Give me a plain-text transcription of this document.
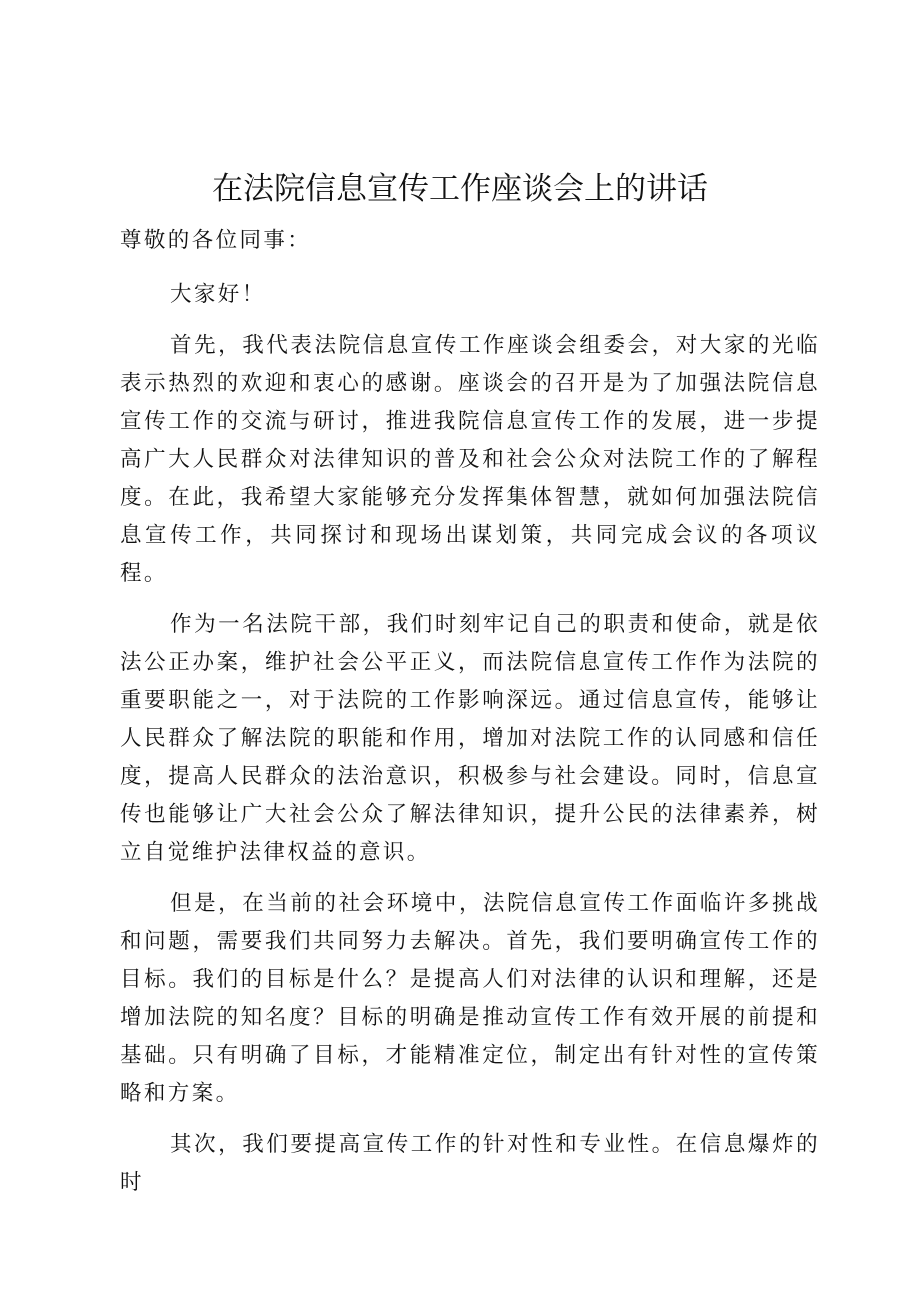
在法院信息宣传工作座谈会上的讲话

尊敬的各位同事：

大家好！

首先，我代表法院信息宣传工作座谈会组委会，对大家的光临表示热烈的欢迎和衷心的感谢。座谈会的召开是为了加强法院信息宣传工作的交流与研讨，推进我院信息宣传工作的发展，进一步提高广大人民群众对法律知识的普及和社会公众对法院工作的了解程度。在此，我希望大家能够充分发挥集体智慧，就如何加强法院信息宣传工作，共同探讨和现场出谋划策，共同完成会议的各项议程。

作为一名法院干部，我们时刻牢记自己的职责和使命，就是依法公正办案，维护社会公平正义，而法院信息宣传工作作为法院的重要职能之一，对于法院的工作影响深远。通过信息宣传，能够让人民群众了解法院的职能和作用，增加对法院工作的认同感和信任度，提高人民群众的法治意识，积极参与社会建设。同时，信息宣传也能够让广大社会公众了解法律知识，提升公民的法律素养，树立自觉维护法律权益的意识。

但是，在当前的社会环境中，法院信息宣传工作面临许多挑战和问题，需要我们共同努力去解决。首先，我们要明确宣传工作的目标。我们的目标是什么？是提高人们对法律的认识和理解，还是增加法院的知名度？目标的明确是推动宣传工作有效开展的前提和基础。只有明确了目标，才能精准定位，制定出有针对性的宣传策略和方案。

其次，我们要提高宣传工作的针对性和专业性。在信息爆炸的时
